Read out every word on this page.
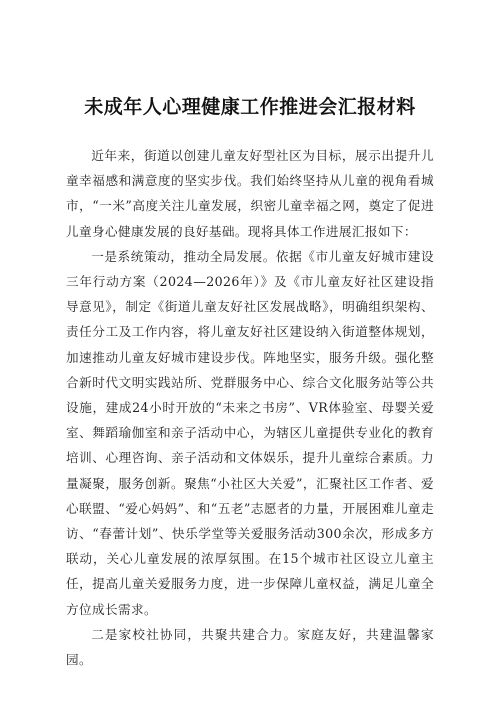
未成年人心理健康工作推进会汇报材料

近年来，街道以创建儿童友好型社区为目标，展示出提升儿童幸福感和满意度的坚实步伐。我们始终坚持从儿童的视角看城市，“一米”高度关注儿童发展，织密儿童幸福之网，奠定了促进儿童身心健康发展的良好基础。现将具体工作进展汇报如下：

一是系统策动，推动全局发展。依据《市儿童友好城市建设三年行动方案（2024—2026年）》及《市儿童友好社区建设指导意见》，制定《街道儿童友好社区发展战略》，明确组织架构、责任分工及工作内容，将儿童友好社区建设纳入街道整体规划，加速推动儿童友好城市建设步伐。阵地坚实，服务升级。强化整合新时代文明实践站所、党群服务中心、综合文化服务站等公共设施，建成24小时开放的“未来之书房”、VR体验室、母婴关爱室、舞蹈瑜伽室和亲子活动中心，为辖区儿童提供专业化的教育培训、心理咨询、亲子活动和文体娱乐，提升儿童综合素质。力量凝聚，服务创新。聚焦“小社区大关爱”，汇聚社区工作者、爱心联盟、“爱心妈妈”、和“五老”志愿者的力量，开展困难儿童走访、“春蕾计划”、快乐学堂等关爱服务活动300余次，形成多方联动，关心儿童发展的浓厚氛围。在15个城市社区设立儿童主任，提高儿童关爱服务力度，进一步保障儿童权益，满足儿童全方位成长需求。

二是家校社协同，共聚共建合力。家庭友好，共建温馨家园。
